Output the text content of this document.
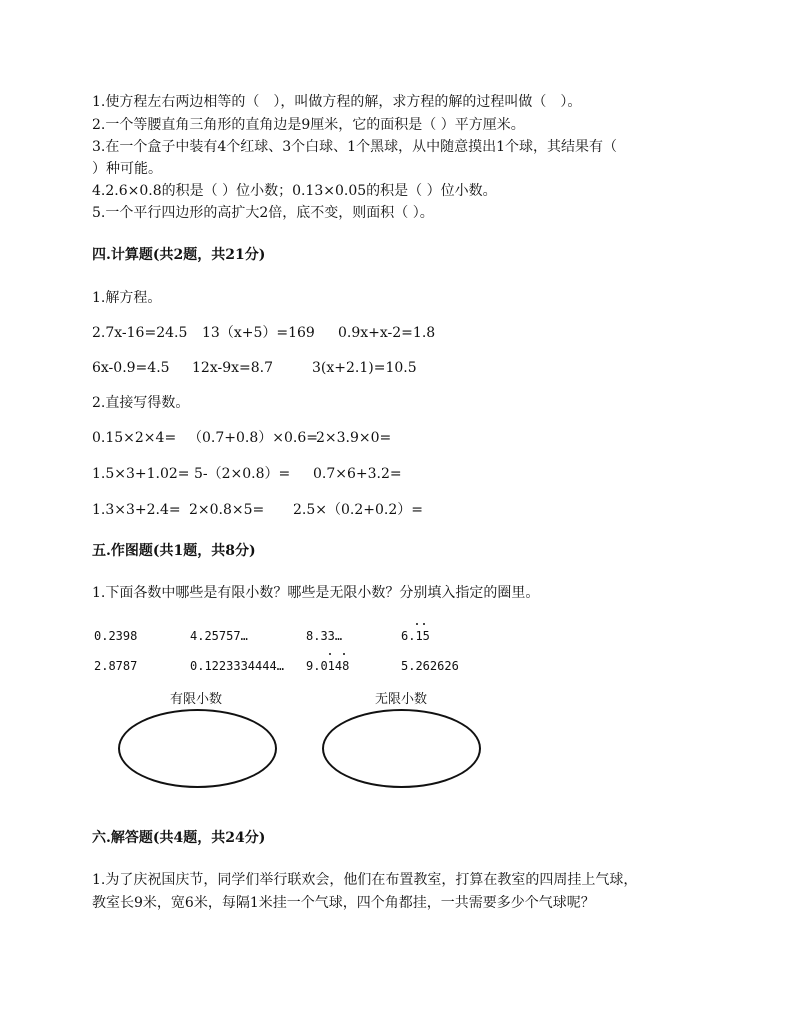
1.使方程左右两边相等的（　），叫做方程的解，求方程的解的过程叫做（　）。
2.一个等腰直角三角形的直角边是9厘米，它的面积是（ ）平方厘米。
3.在一个盒子中装有4个红球、3个白球、1个黑球，从中随意摸出1个球，其结果有（
）种可能。
4.2.6×0.8的积是（ ）位小数；0.13×0.05的积是（ ）位小数。
5.一个平行四边形的高扩大2倍，底不变，则面积（ ）。
四.计算题(共2题，共21分)
1.解方程。
2.7x-16=24.5 13（x+5）=169 0.9x+x-2=1.8
6x-0.9=4.5 12x-9x=8.7	3(x+2.1)=10.5
2.直接写得数。
0.15×2×4= （0.7+0.8）×0.6=
2×3.9×0=
1.5×3+1.02= 5-（2×0.8）= 0.7×6+3.2=
1.3×3+2.4= 2×0.8×5= 2.5×（0.2+0.2）=
五.作图题(共1题，共8分)
1.下面各数中哪些是有限小数？哪些是无限小数？分别填入指定的圈里。
0.2398	4.25757…	8.33…	6.15
2.8787	0.1223334444… 9.0148	5.262626
有限小数	无限小数
六.解答题(共4题，共24分)
1.为了庆祝国庆节，同学们举行联欢会，他们在布置教室，打算在教室的四周挂上气球，
教室长9米，宽6米，每隔1米挂一个气球，四个角都挂，一共需要多少个气球呢？
